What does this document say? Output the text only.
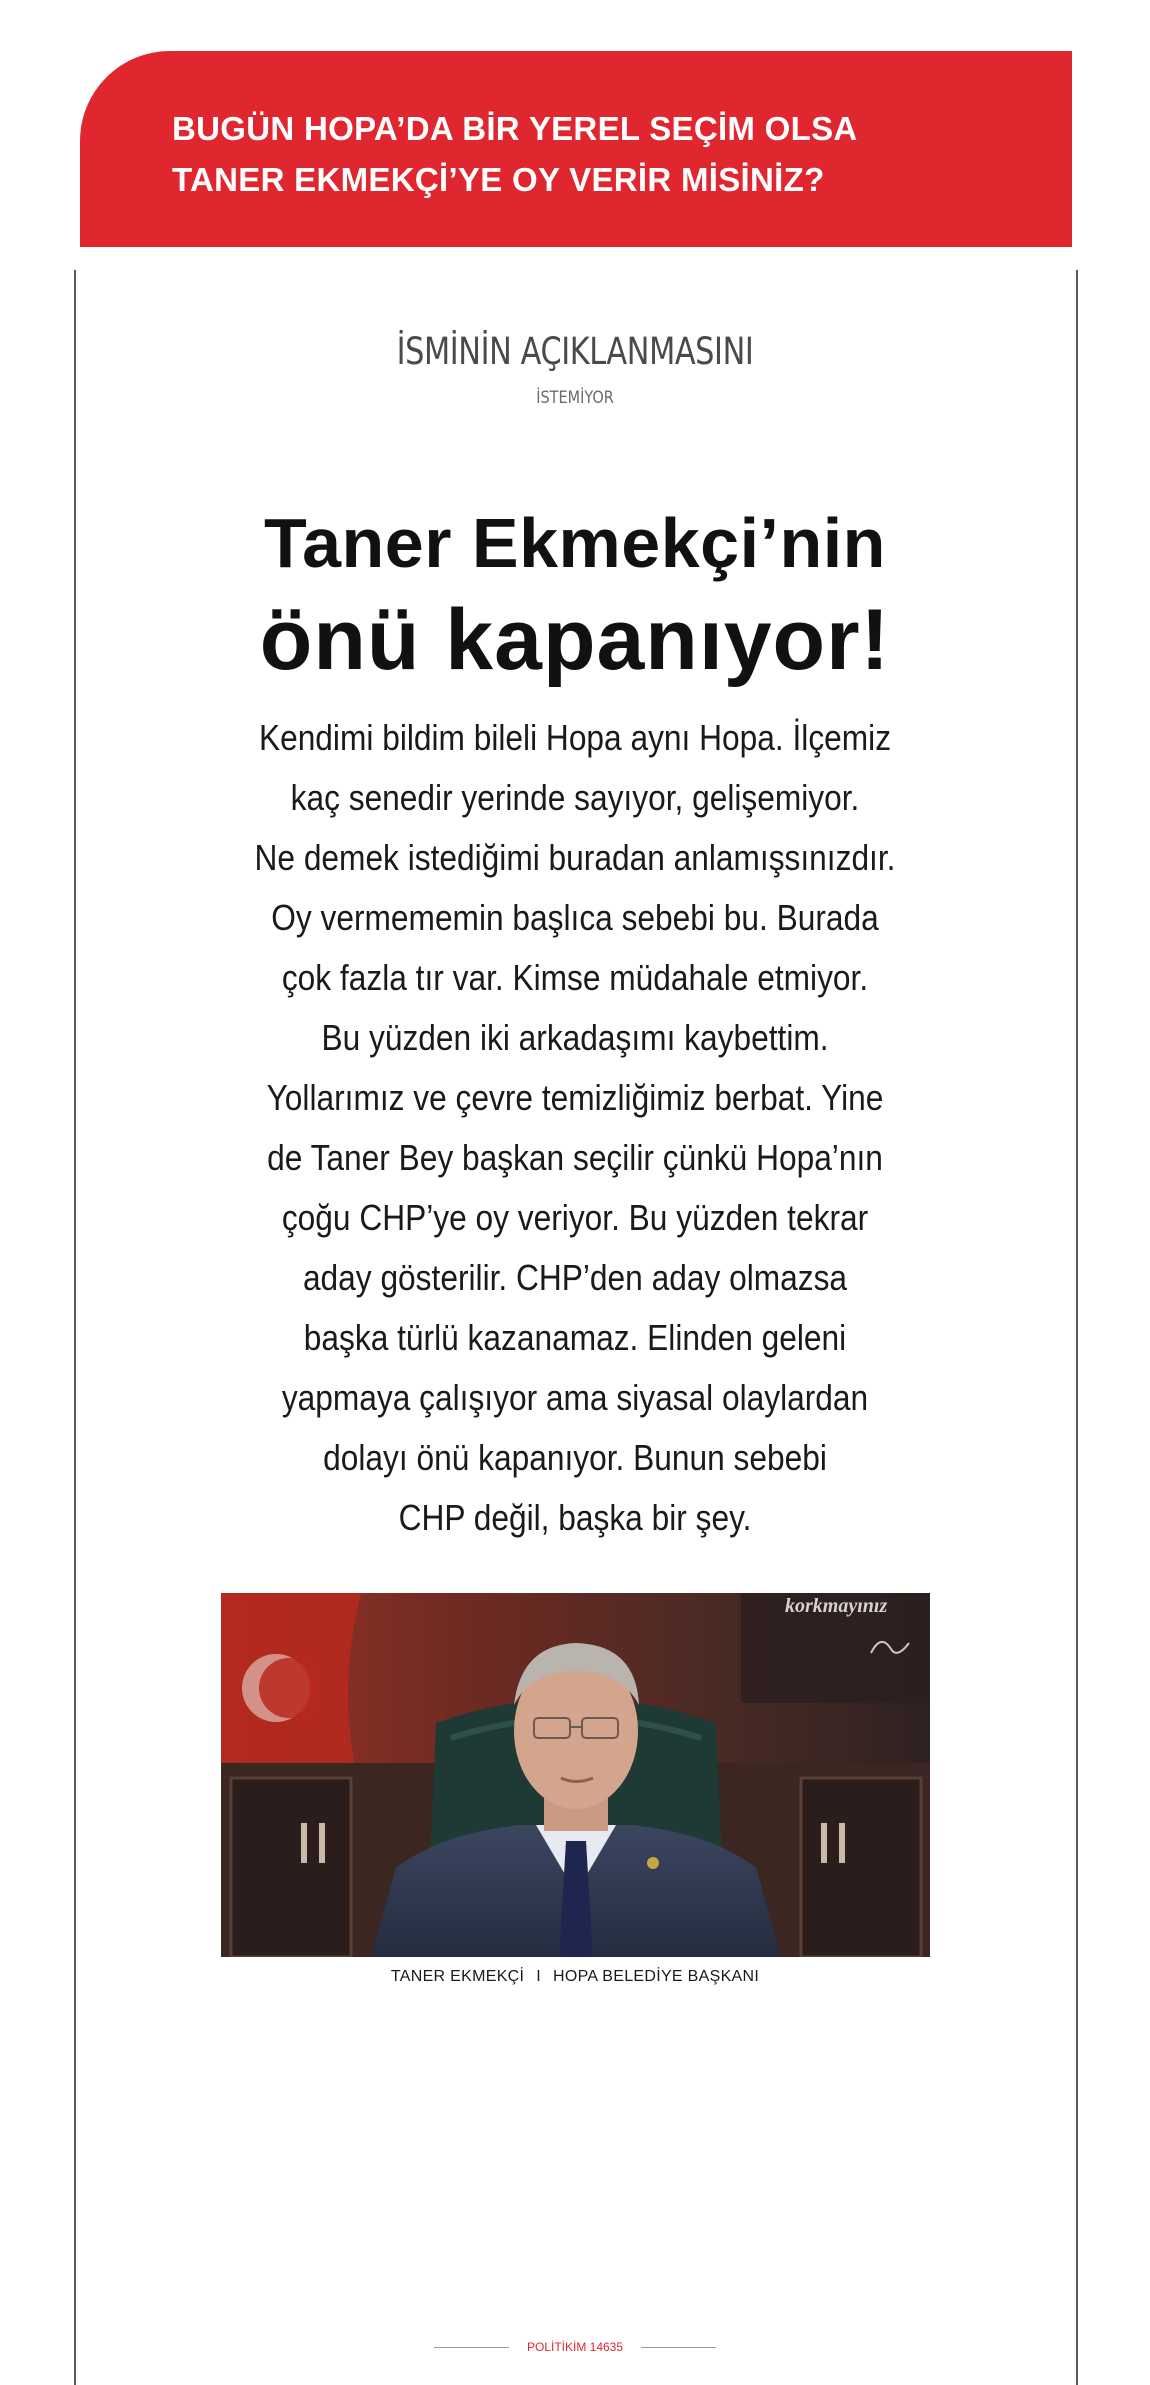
BUGÜN HOPA’DA BİR YEREL SEÇİM OLSA
TANER EKMEKÇİ’YE OY VERİR MİSİNİZ?
İSMİNİN AÇIKLANMASINI
İSTEMİYOR
Taner Ekmekçi’nin
önü kapanıyor!
Kendimi bildim bileli Hopa aynı Hopa. İlçemiz
kaç senedir yerinde sayıyor, gelişemiyor.
Ne demek istediğimi buradan anlamışsınızdır.
Oy vermememin başlıca sebebi bu. Burada
çok fazla tır var. Kimse müdahale etmiyor.
Bu yüzden iki arkadaşımı kaybettim.
Yollarımız ve çevre temizliğimiz berbat. Yine
de Taner Bey başkan seçilir çünkü Hopa’nın
çoğu CHP’ye oy veriyor. Bu yüzden tekrar
aday gösterilir. CHP’den aday olmazsa
başka türlü kazanamaz. Elinden geleni
yapmaya çalışıyor ama siyasal olaylardan
dolayı önü kapanıyor. Bunun sebebi
CHP değil, başka bir şey.
korkmayınız
TANER EKMEKÇİ I HOPA BELEDİYE BAŞKANI
POLİTİKİM 14635
